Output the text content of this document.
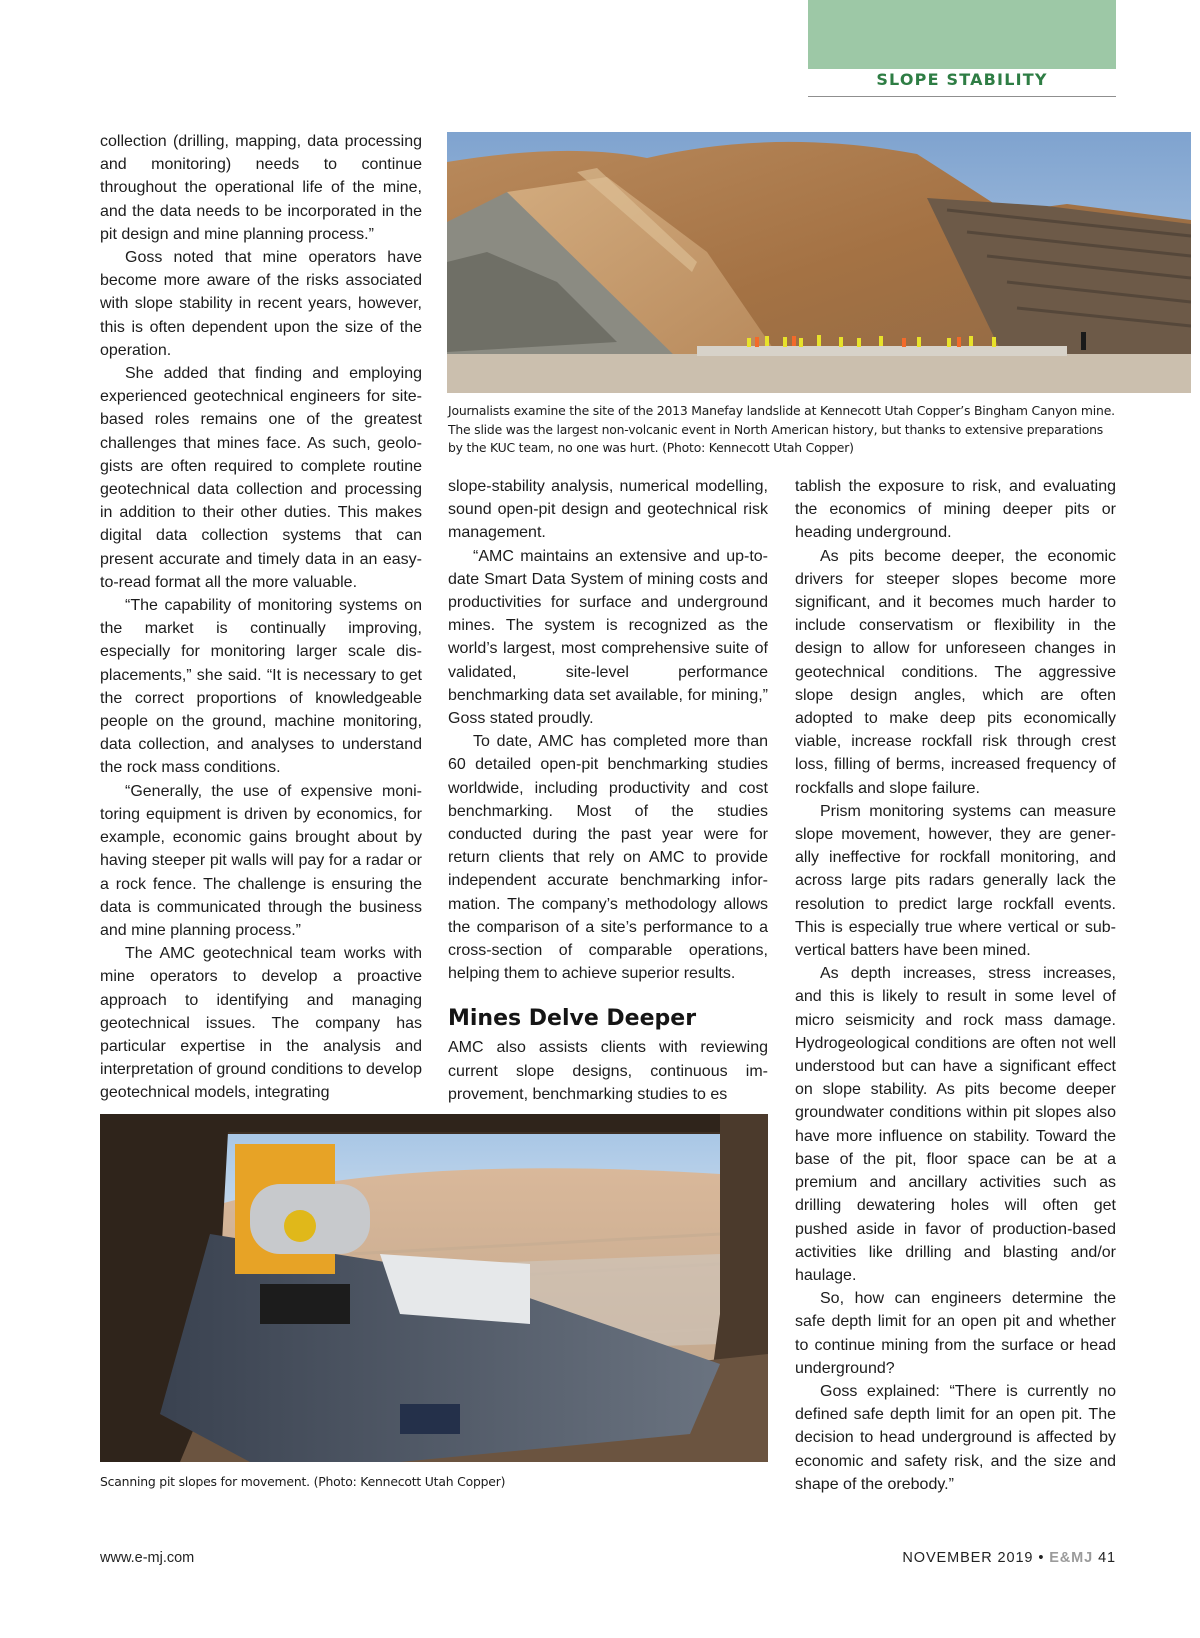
SLOPE STABILITY

collection (drilling, mapping, data processing and monitoring) needs to continue throughout the operational life of the mine, and the data needs to be incorporated in the pit design and mine planning process.”

Goss noted that mine operators have become more aware of the risks associated with slope stability in recent years, however, this is often dependent upon the size of the operation.

She added that finding and employing experienced geotechnical engineers for site-based roles remains one of the greatest challenges that mines face. As such, geologists are often required to complete routine geotechnical data collection and processing in addition to their other duties. This makes digital data collection systems that can present accurate and timely data in an easy-to-read format all the more valuable.

“The capability of monitoring systems on the market is continually improving, especially for monitoring larger scale displacements,” she said. “It is necessary to get the correct proportions of knowledgeable people on the ground, machine monitoring, data collection, and analyses to understand the rock mass conditions.

“Generally, the use of expensive monitoring equipment is driven by economics, for example, economic gains brought about by having steeper pit walls will pay for a radar or a rock fence. The challenge is ensuring the data is communicated through the business and mine planning process.”

The AMC geotechnical team works with mine operators to develop a proactive approach to identifying and managing geotechnical issues. The company has particular expertise in the analysis and interpretation of ground conditions to develop geotechnical models, integrating

Journalists examine the site of the 2013 Manefay landslide at Kennecott Utah Copper’s Bingham Canyon mine. The slide was the largest non-volcanic event in North American history, but thanks to extensive preparations by the KUC team, no one was hurt. (Photo: Kennecott Utah Copper)

slope-stability analysis, numerical modelling, sound open-pit design and geotechnical risk management.

“AMC maintains an extensive and up-to-date Smart Data System of mining costs and productivities for surface and underground mines. The system is recognized as the world’s largest, most comprehensive suite of validated, site-level performance benchmarking data set available, for mining,” Goss stated proudly.

To date, AMC has completed more than 60 detailed open-pit benchmarking studies worldwide, including productivity and cost benchmarking. Most of the studies conducted during the past year were for return clients that rely on AMC to provide independent accurate benchmarking information. The company’s methodology allows the comparison of a site’s performance to a cross-section of comparable operations, helping them to achieve superior results.

Mines Delve Deeper

AMC also assists clients with reviewing current slope designs, continuous improvement, benchmarking studies to es

tablish the exposure to risk, and evaluating the economics of mining deeper pits or heading underground.

As pits become deeper, the economic drivers for steeper slopes become more significant, and it becomes much harder to include conservatism or flexibility in the design to allow for unforeseen changes in geotechnical conditions. The aggressive slope design angles, which are often adopted to make deep pits economically viable, increase rockfall risk through crest loss, filling of berms, increased frequency of rockfalls and slope failure.

Prism monitoring systems can measure slope movement, however, they are generally ineffective for rockfall monitoring, and across large pits radars generally lack the resolution to predict large rockfall events. This is especially true where vertical or sub-vertical batters have been mined.

As depth increases, stress increases, and this is likely to result in some level of micro seismicity and rock mass damage. Hydrogeological conditions are often not well understood but can have a significant effect on slope stability. As pits become deeper groundwater conditions within pit slopes also have more influence on stability. Toward the base of the pit, floor space can be at a premium and ancillary activities such as drilling dewatering holes will often get pushed aside in favor of production-based activities like drilling and blasting and/or haulage.

So, how can engineers determine the safe depth limit for an open pit and whether to continue mining from the surface or head underground?

Goss explained: “There is currently no defined safe depth limit for an open pit. The decision to head underground is affected by economic and safety risk, and the size and shape of the orebody.”

Scanning pit slopes for movement. (Photo: Kennecott Utah Copper)
www.e-mj.com	NOVEMBER 2019 • E&MJ 41
